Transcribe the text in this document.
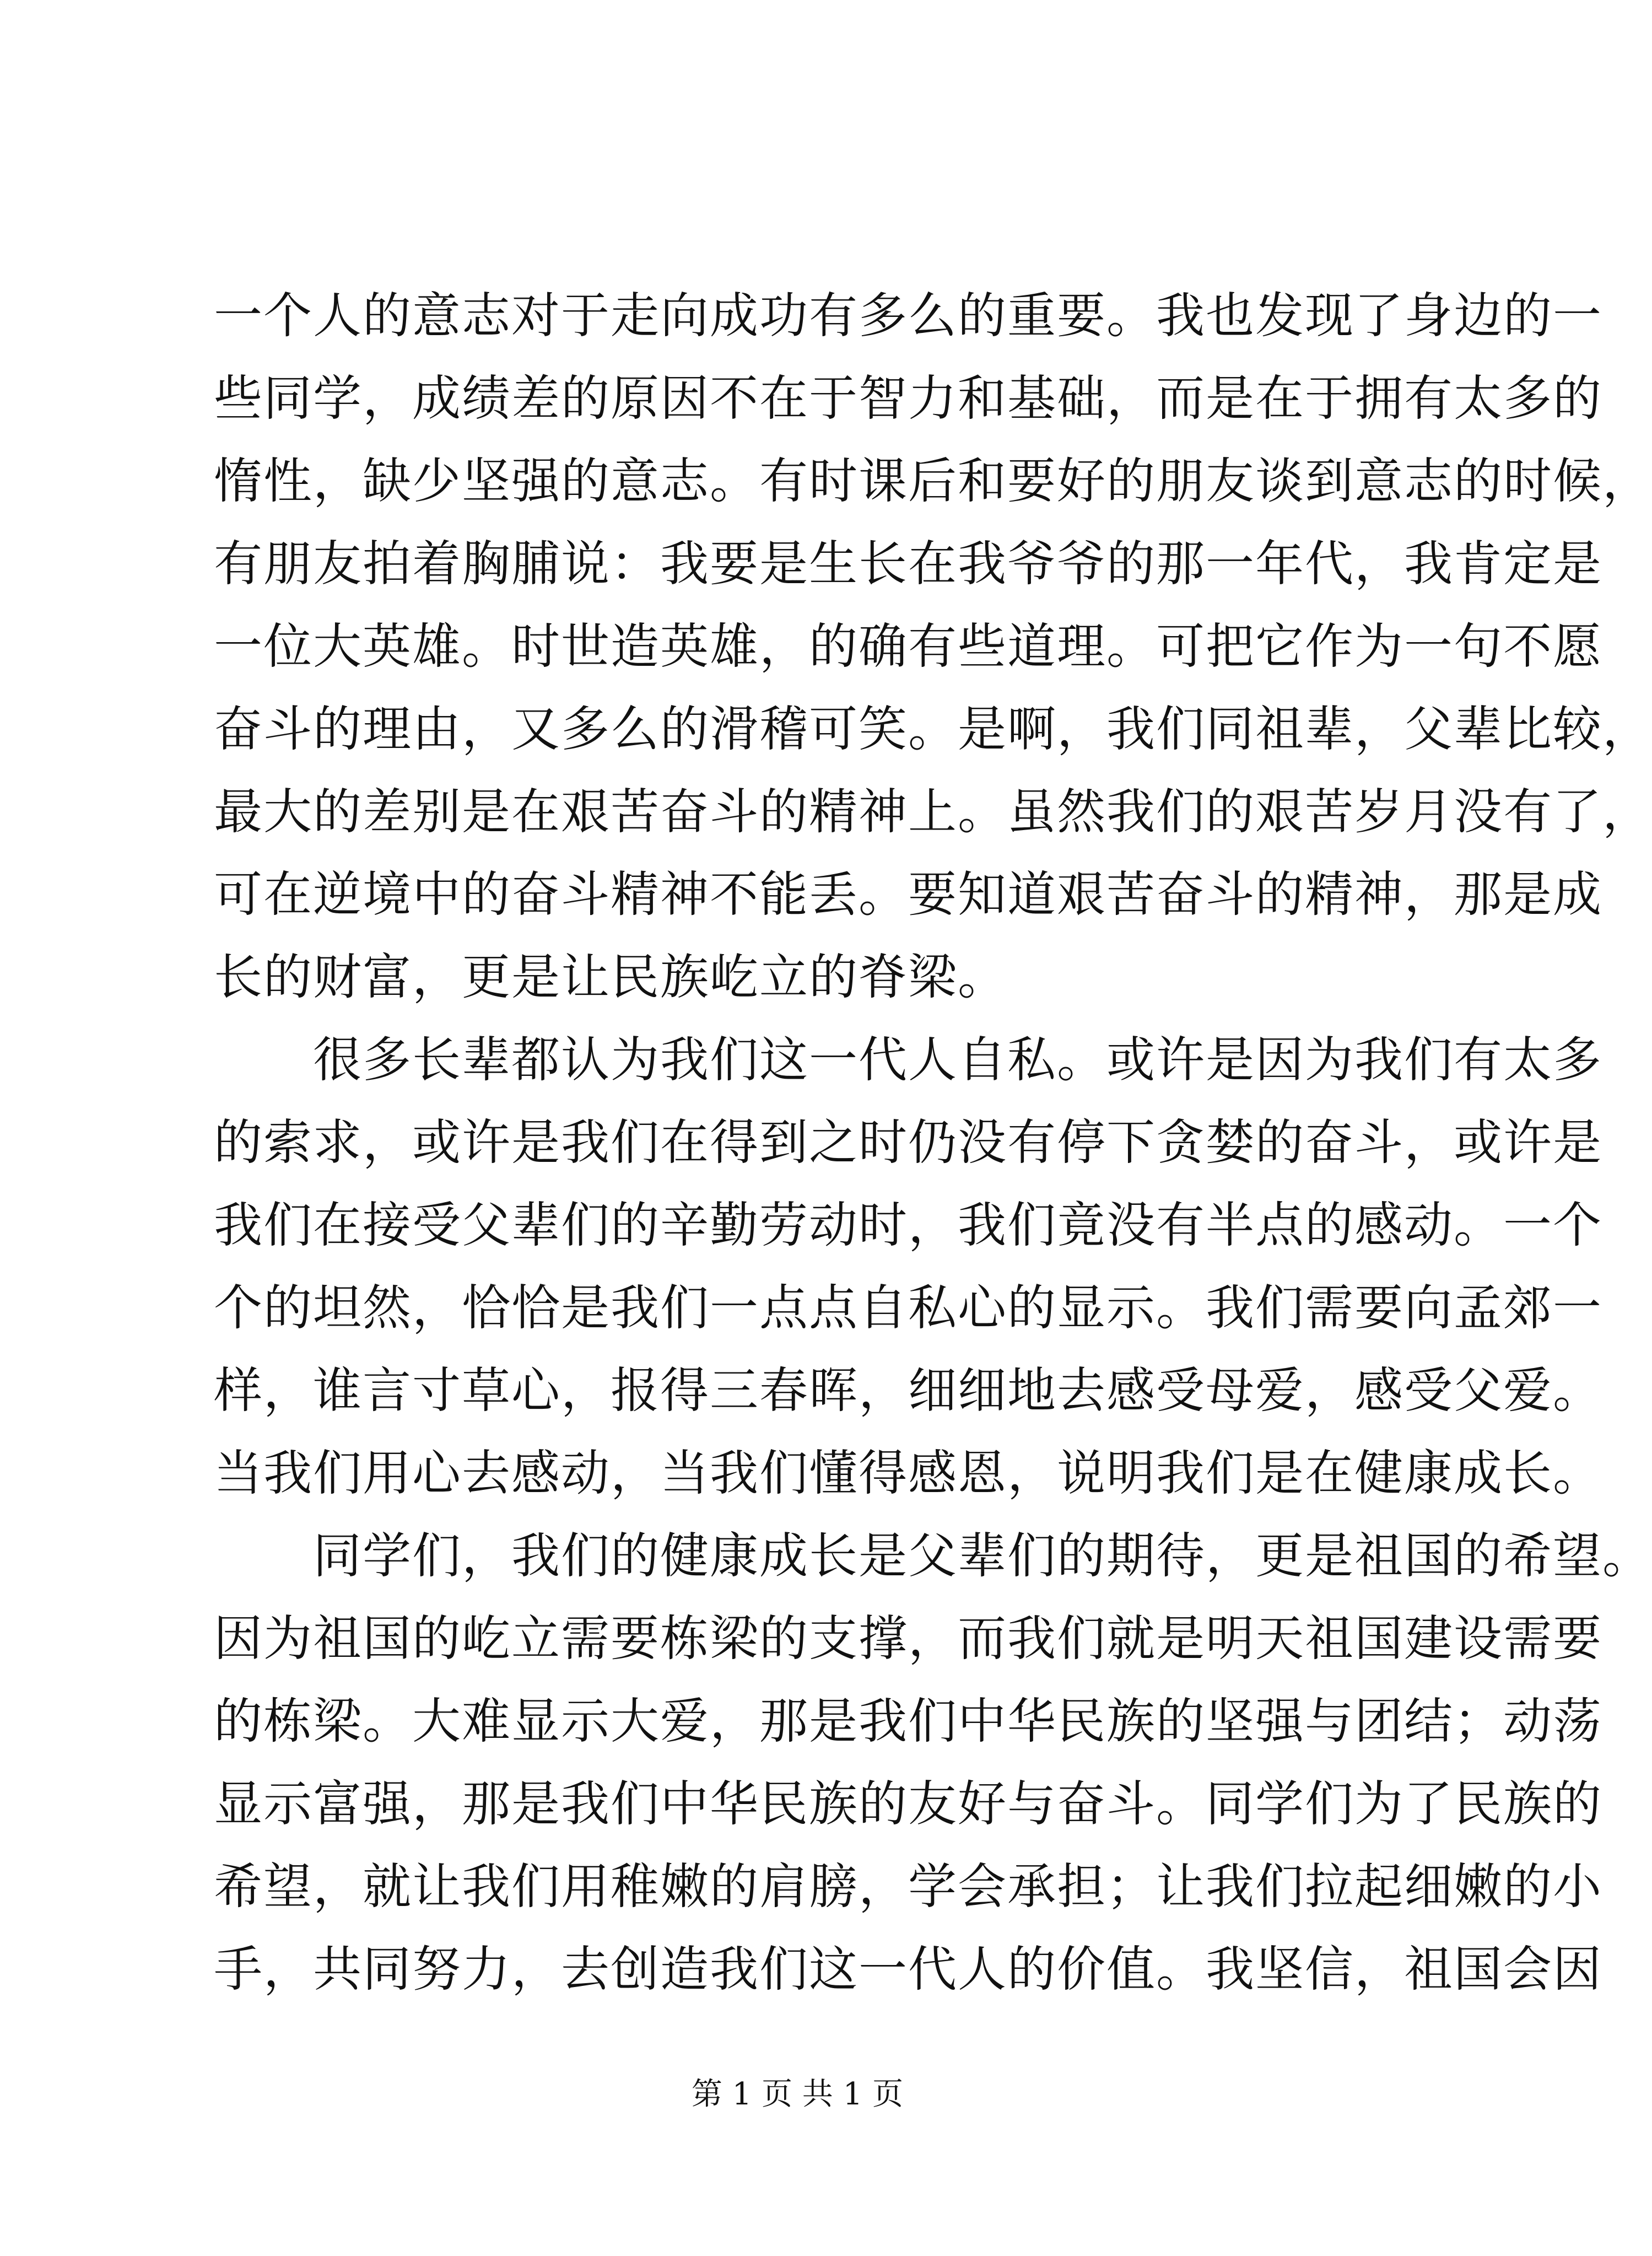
一个人的意志对于走向成功有多么的重要。我也发现了身边的一
些同学，成绩差的原因不在于智力和基础，而是在于拥有太多的
惰性，缺少坚强的意志。有时课后和要好的朋友谈到意志的时候，
有朋友拍着胸脯说：我要是生长在我爷爷的那一年代，我肯定是
一位大英雄。时世造英雄，的确有些道理。可把它作为一句不愿
奋斗的理由，又多么的滑稽可笑。是啊，我们同祖辈，父辈比较，
最大的差别是在艰苦奋斗的精神上。虽然我们的艰苦岁月没有了，
可在逆境中的奋斗精神不能丢。要知道艰苦奋斗的精神，那是成
长的财富，更是让民族屹立的脊梁。
　　很多长辈都认为我们这一代人自私。或许是因为我们有太多
的索求，或许是我们在得到之时仍没有停下贪婪的奋斗，或许是
我们在接受父辈们的辛勤劳动时，我们竟没有半点的感动。一个
个的坦然，恰恰是我们一点点自私心的显示。我们需要向孟郊一
样，谁言寸草心，报得三春晖，细细地去感受母爱，感受父爱。
当我们用心去感动，当我们懂得感恩，说明我们是在健康成长。
　　同学们，我们的健康成长是父辈们的期待，更是祖国的希望。
因为祖国的屹立需要栋梁的支撑，而我们就是明天祖国建设需要
的栋梁。大难显示大爱，那是我们中华民族的坚强与团结；动荡
显示富强，那是我们中华民族的友好与奋斗。同学们为了民族的
希望，就让我们用稚嫩的肩膀，学会承担；让我们拉起细嫩的小
手，共同努力，去创造我们这一代人的价值。我坚信，祖国会因
第 1 页 共 1 页
